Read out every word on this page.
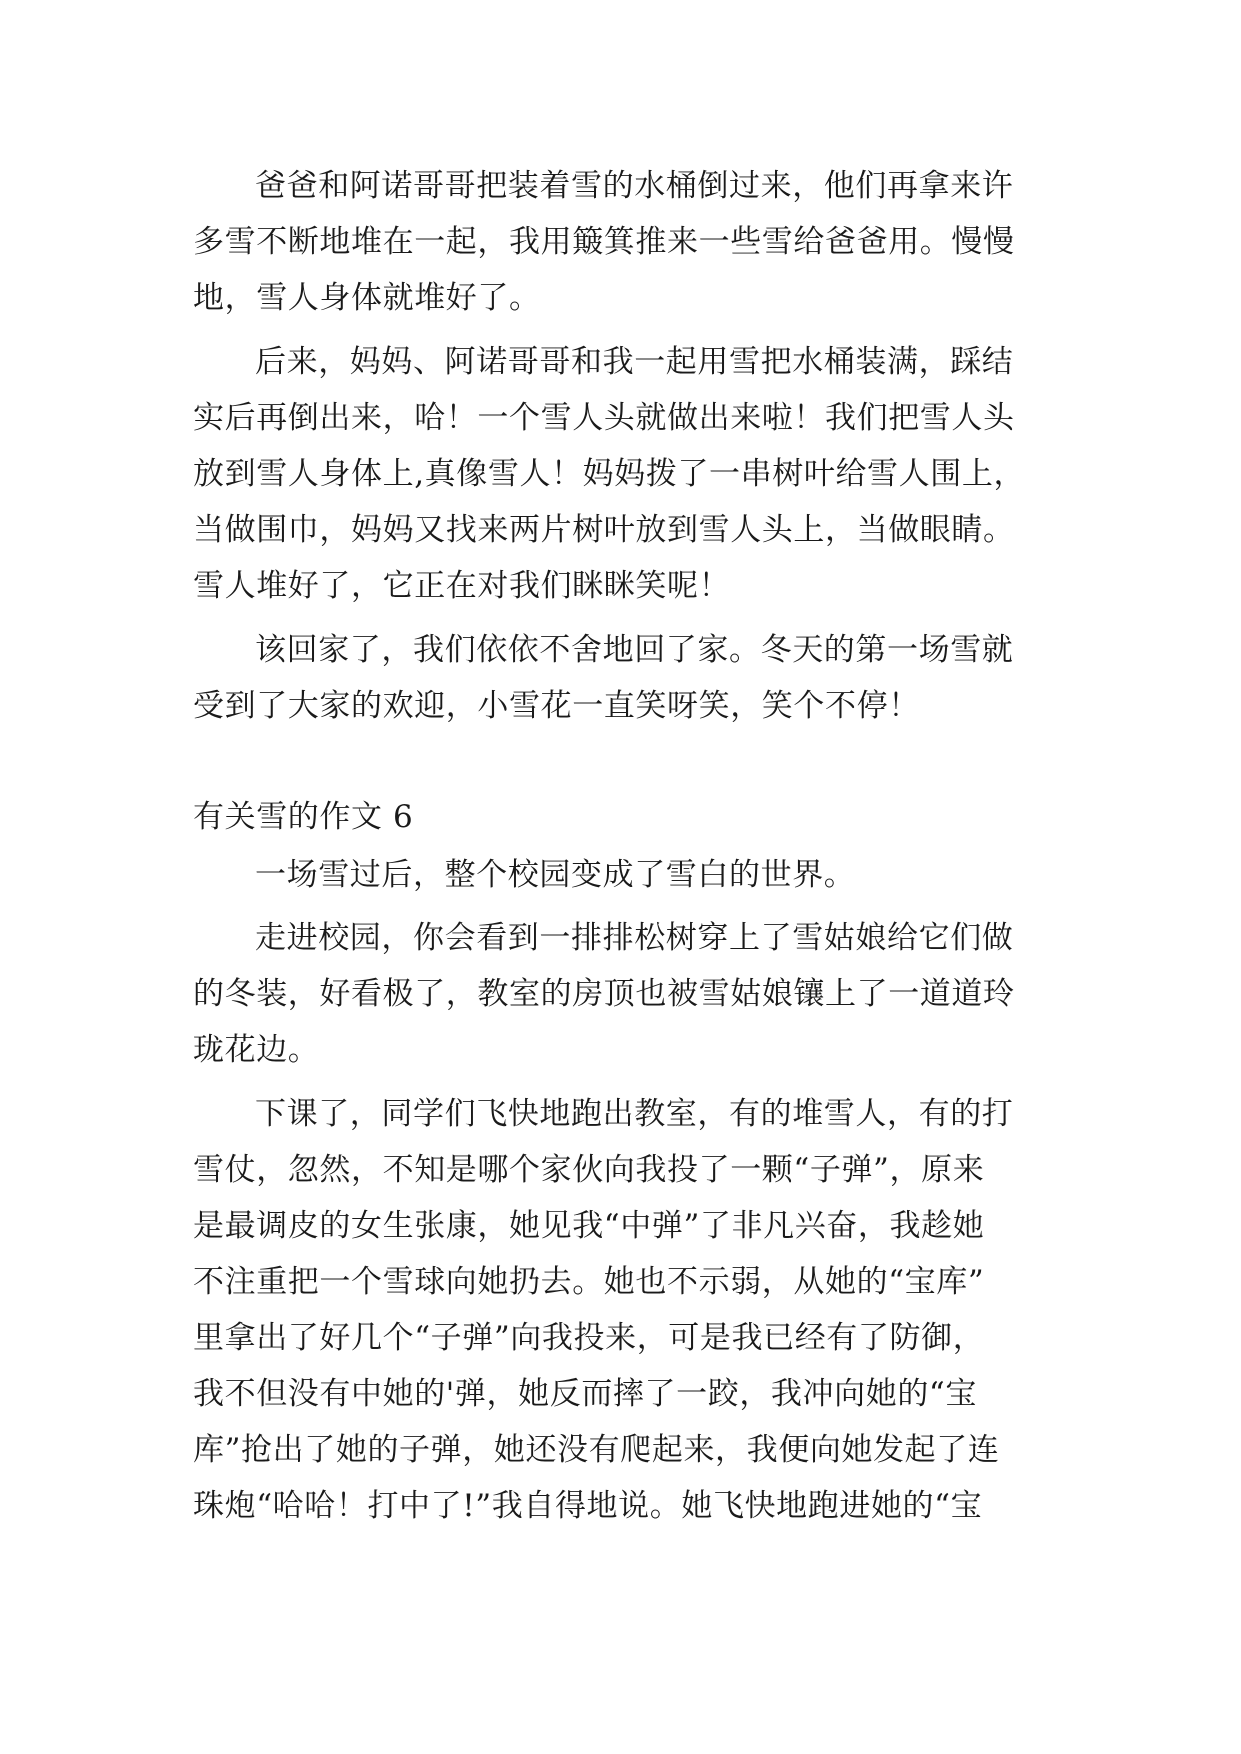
爸爸和阿诺哥哥把装着雪的水桶倒过来，他们再拿来许
多雪不断地堆在一起，我用簸箕推来一些雪给爸爸用。慢慢
地，雪人身体就堆好了。
后来，妈妈、阿诺哥哥和我一起用雪把水桶装满，踩结
实后再倒出来，哈！一个雪人头就做出来啦！我们把雪人头
放到雪人身体上,真像雪人！妈妈拨了一串树叶给雪人围上，
当做围巾，妈妈又找来两片树叶放到雪人头上，当做眼睛。
雪人堆好了，它正在对我们眯眯笑呢！
该回家了，我们依依不舍地回了家。冬天的第一场雪就
受到了大家的欢迎，小雪花一直笑呀笑，笑个不停！
有关雪的作文 6
一场雪过后，整个校园变成了雪白的世界。
走进校园，你会看到一排排松树穿上了雪姑娘给它们做
的冬装，好看极了，教室的房顶也被雪姑娘镶上了一道道玲
珑花边。
下课了，同学们飞快地跑出教室，有的堆雪人，有的打
雪仗，忽然，不知是哪个家伙向我投了一颗“子弹”，原来
是最调皮的女生张康，她见我“中弹”了非凡兴奋，我趁她
不注重把一个雪球向她扔去。她也不示弱，从她的“宝库”
里拿出了好几个“子弹”向我投来，可是我已经有了防御，
我不但没有中她的'弹，她反而摔了一跤，我冲向她的“宝
库”抢出了她的子弹，她还没有爬起来，我便向她发起了连
珠炮“哈哈！打中了!”我自得地说。她飞快地跑进她的“宝
